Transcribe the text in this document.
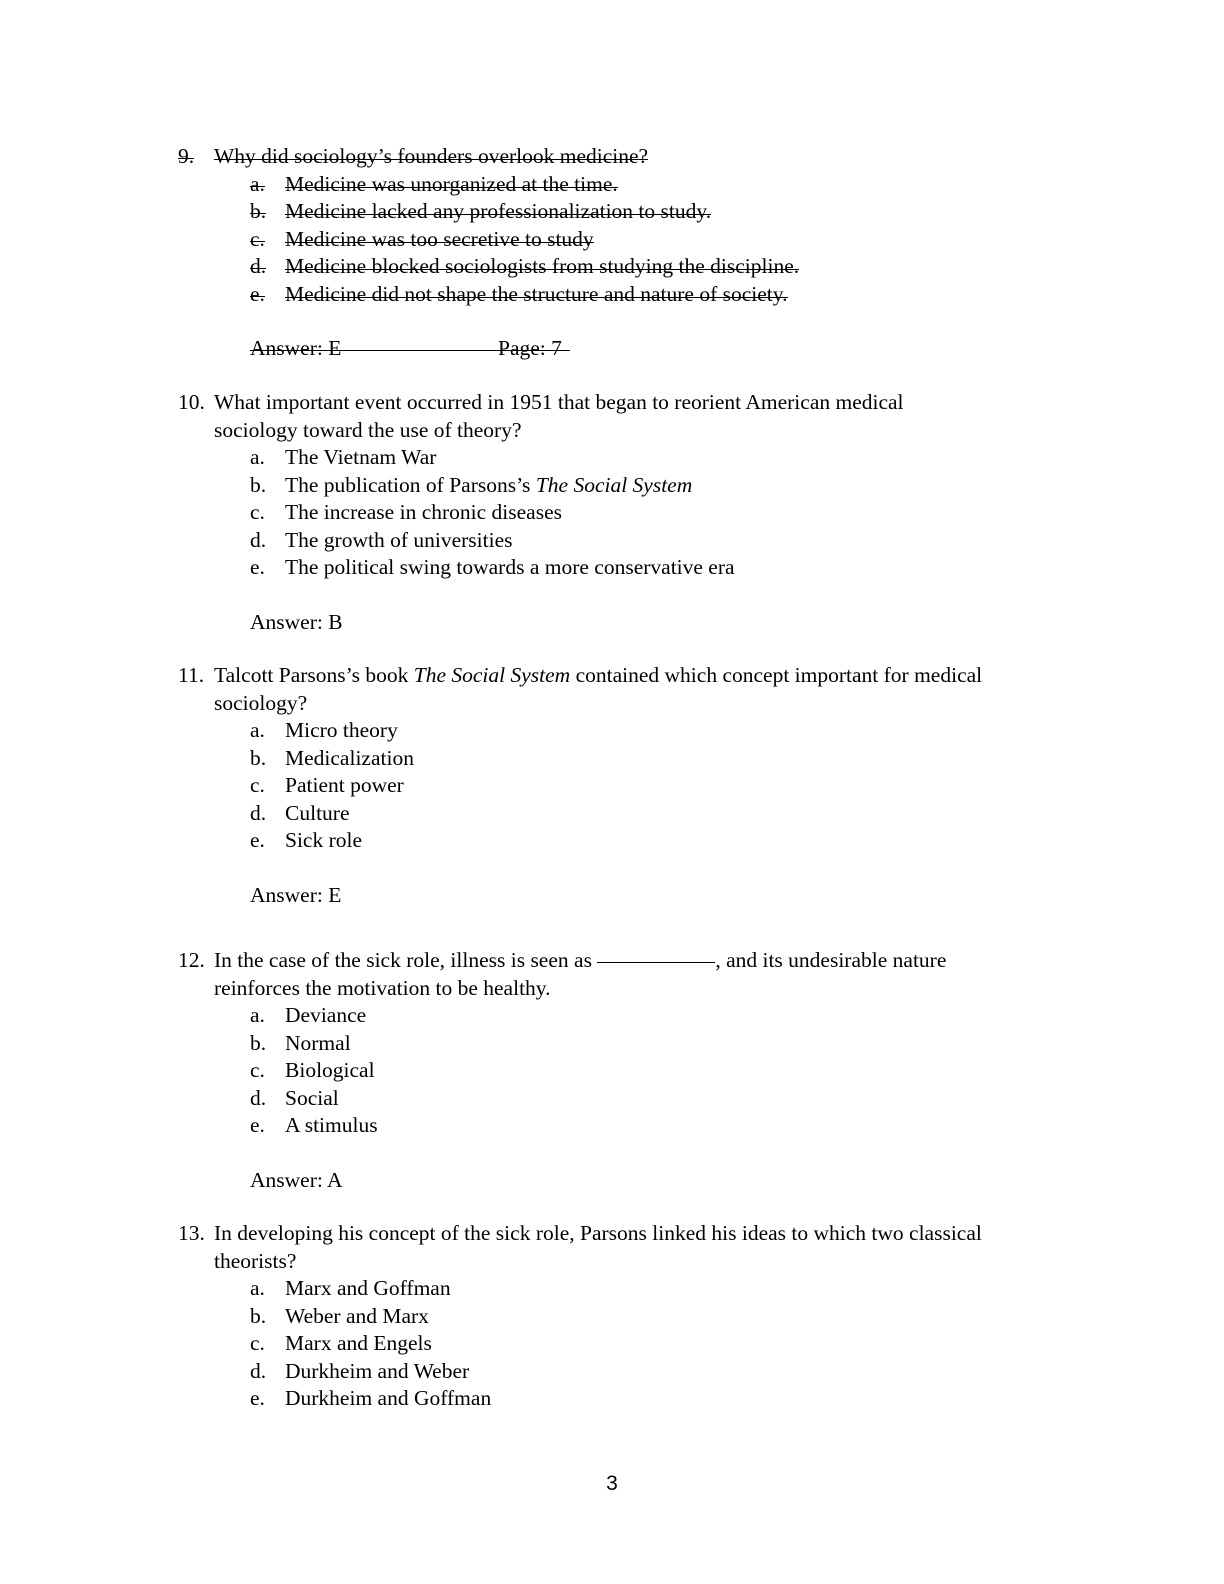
9. Why did sociology’s founders overlook medicine?
a. Medicine was unorganized at the time.
b. Medicine lacked any professionalization to study.
c. Medicine was too secretive to study
d. Medicine blocked sociologists from studying the discipline.
e. Medicine did not shape the structure and nature of society.
Answer: E	Page: 7
10. What important event occurred in 1951 that began to reorient American medical
sociology toward the use of theory?
a. The Vietnam War
b. The publication of Parsons’s The Social System
c. The increase in chronic diseases
d. The growth of universities
e. The political swing towards a more conservative era
Answer: B
11. Talcott Parsons’s book The Social System contained which concept important for medical
sociology?
a. Micro theory
b. Medicalization
c. Patient power
d. Culture
e. Sick role
Answer: E
12. In the case of the sick role, illness is seen as	, and its undesirable nature
reinforces the motivation to be healthy.
a. Deviance
b. Normal
c. Biological
d. Social
e. A stimulus
Answer: A
13. In developing his concept of the sick role, Parsons linked his ideas to which two classical
theorists?
a. Marx and Goffman
b. Weber and Marx
c. Marx and Engels
d. Durkheim and Weber
e. Durkheim and Goffman
3
